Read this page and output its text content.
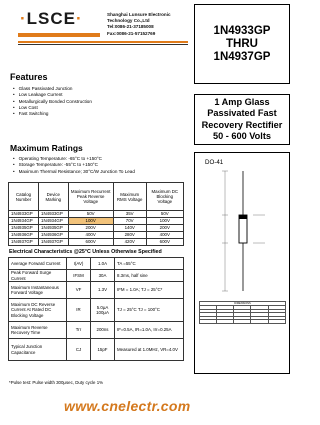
·LSCE·	Shanghai Lunsure Electronic
Technology Co.,Ltd
Tel:0086-21-37185008
Fax:0086-21-57152769	1N4933GP
THRU
1N4937GP
Features
• Glass Passivated Junction
• Low Leakage Current
• Metallurgically Bonded Construction
• Low Cost
• Fast Switching
1 Amp Glass
Passivated Fast
Recovery Rectifier
50 - 600 Volts
Maximum Ratings
• Operating Temperature: -65°C to +150°C
• Storage Temperature: -55°C to +150°C
• Maximum Thermal Resistance; 30°C/W Junction To Lead
Catalog Number	Device Marking	Maximum Recurrent Peak Reverse Voltage	Maximum RMS Voltage	Maximum DC Blocking Voltage
1N4933GP	1N4933GP	50V	35V	50V
1N4934GP	1N4934GP	100V	70V	100V
1N4935GP	1N4935GP	200V	140V	200V
1N4936GP	1N4936GP	400V	280V	400V
1N4937GP	1N4937GP	600V	420V	600V
Electrical Characteristics @25°C Unless Otherwise Specified
Average Forward Current	I(AV)	1.0A	TA =55°C
Peak Forward Surge Current	IFSM	30A	8.3ms, half sine
Maximum Instantaneous Forward Voltage	VF	1.3V	IFM = 1.0A; TJ = 25°C*
Maximum DC Reverse Current At Rated DC Blocking Voltage	IR	5.0μA 100μA	TJ = 25°C TJ = 100°C
Maximum Reverse Recovery Time	Trr	200ns	IF=0.5A, IR=1.0A, Irr=0.25A
Typical Junction Capacitance	CJ	15pF	Measured at 1.0MHz, VR=4.0V
*Pulse test: Pulse width 300μsec, Duty cycle 1%
DO-41
DIMENSIONS				

www.cnelectr.com
